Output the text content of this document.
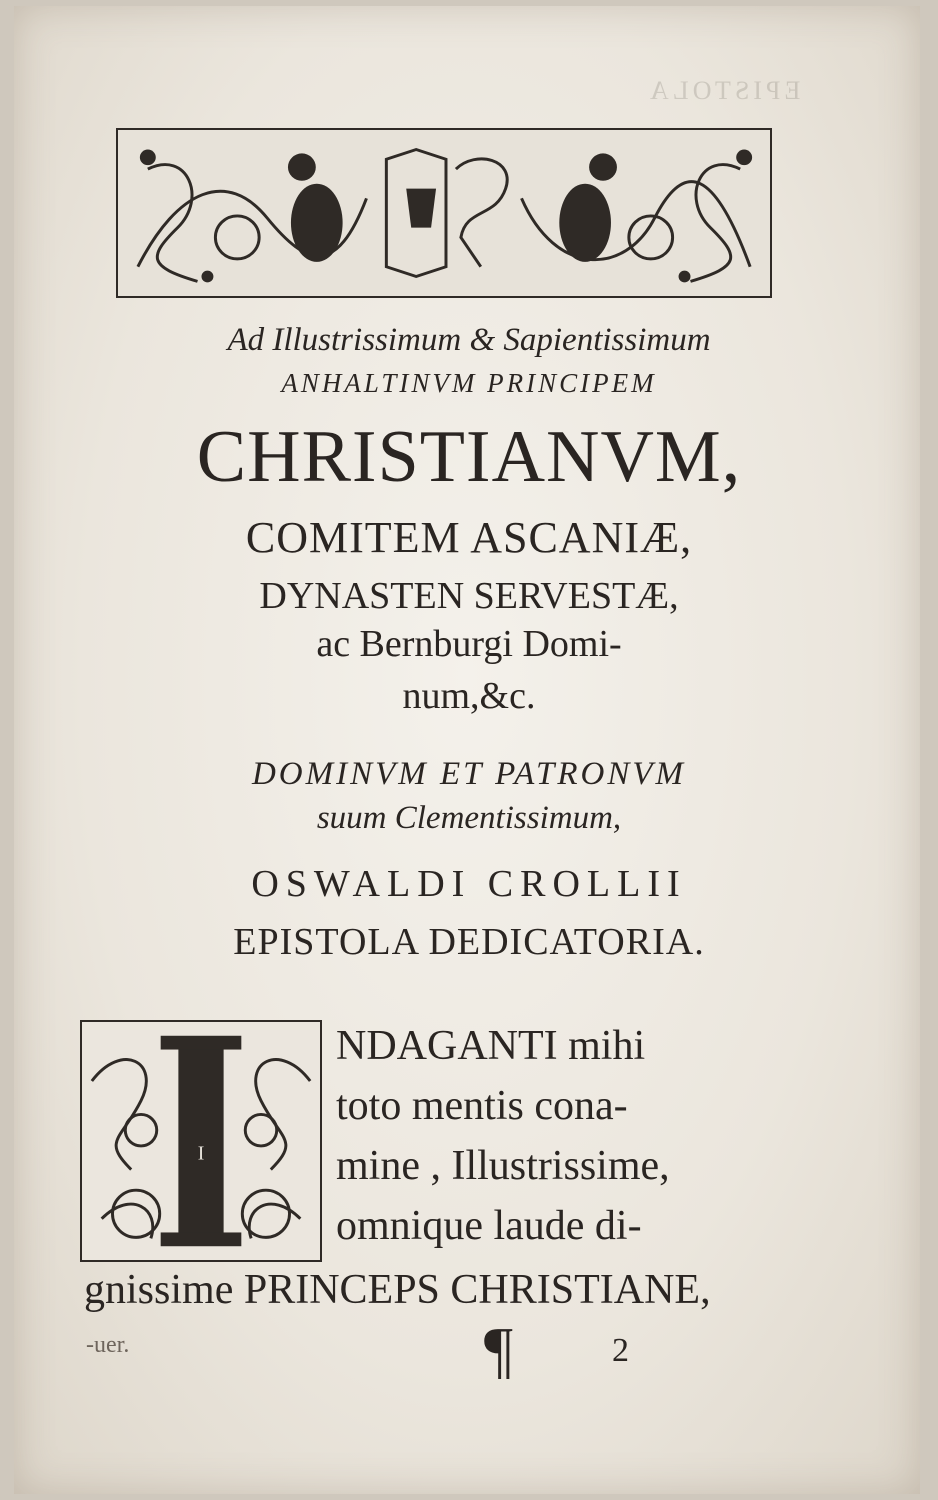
EPISTOLA
Ad Illustrissimum & Sapientissimum
ANHALTINVM PRINCIPEM
CHRISTIANVM,
COMITEM ASCANIÆ,
DYNASTEN SERVESTÆ,
ac Bernburgi Domi-
num,&c.
DOMINVM ET PATRONVM
suum Clementissimum,
OSWALDI CROLLII
EPISTOLA DEDICATORIA.
I
NDAGANTI mihi
toto mentis cona-
mine , Illustrissime,
omnique laude di-
gnissime PRINCEPS CHRISTIANE,
-uer.	¶	2
